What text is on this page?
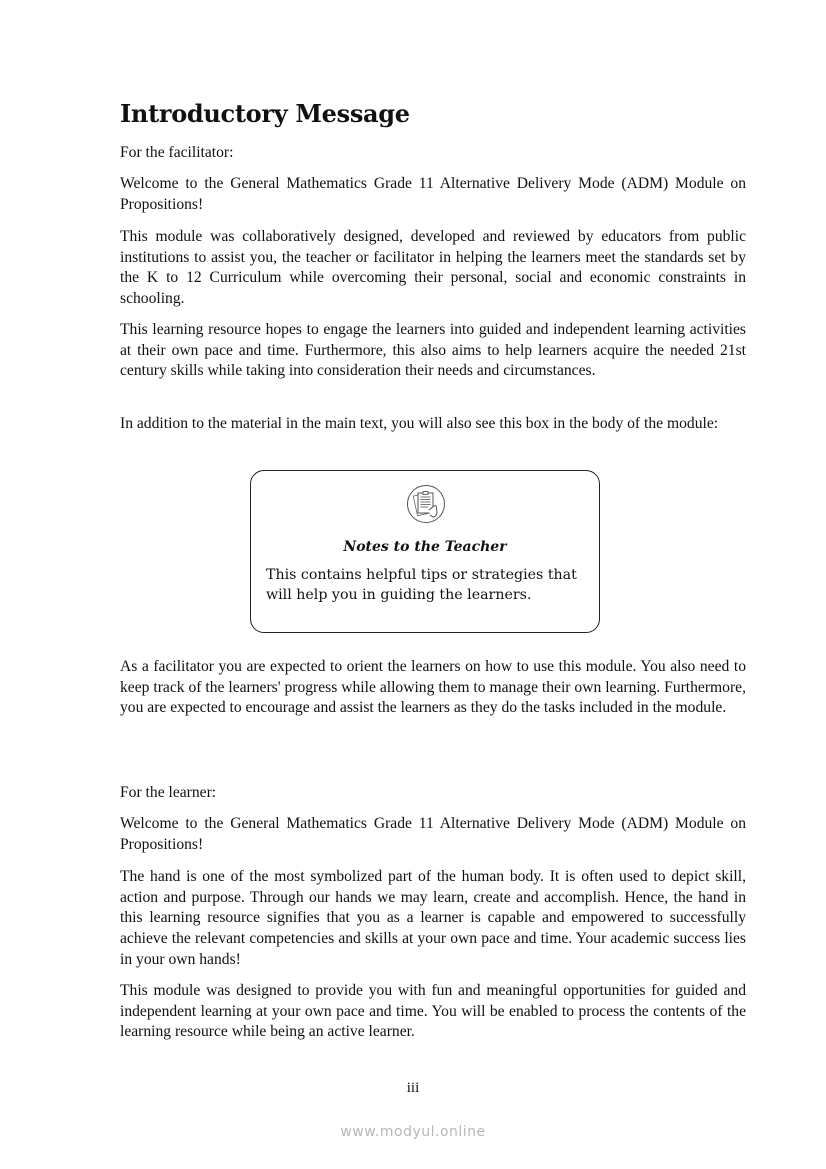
Introductory Message

For the facilitator:

Welcome to the General Mathematics Grade 11 Alternative Delivery Mode (ADM) Module on Propositions!

This module was collaboratively designed, developed and reviewed by educators from public institutions to assist you, the teacher or facilitator in helping the learners meet the standards set by the K to 12 Curriculum while overcoming their personal, social and economic constraints in schooling.

This learning resource hopes to engage the learners into guided and independent learning activities at their own pace and time. Furthermore, this also aims to help learners acquire the needed 21st century skills while taking into consideration their needs and circumstances.

In addition to the material in the main text, you will also see this box in the body of the module:

As a facilitator you are expected to orient the learners on how to use this module. You also need to keep track of the learners' progress while allowing them to manage their own learning. Furthermore, you are expected to encourage and assist the learners as they do the tasks included in the module.

For the learner:

Welcome to the General Mathematics Grade 11 Alternative Delivery Mode (ADM) Module on Propositions!

The hand is one of the most symbolized part of the human body. It is often used to depict skill, action and purpose. Through our hands we may learn, create and accomplish. Hence, the hand in this learning resource signifies that you as a learner is capable and empowered to successfully achieve the relevant competencies and skills at your own pace and time. Your academic success lies in your own hands!

This module was designed to provide you with fun and meaningful opportunities for guided and independent learning at your own pace and time. You will be enabled to process the contents of the learning resource while being an active learner.

Notes to the Teacher
This contains helpful tips or strategies that will help you in guiding the learners.
iii
www.modyul.online
